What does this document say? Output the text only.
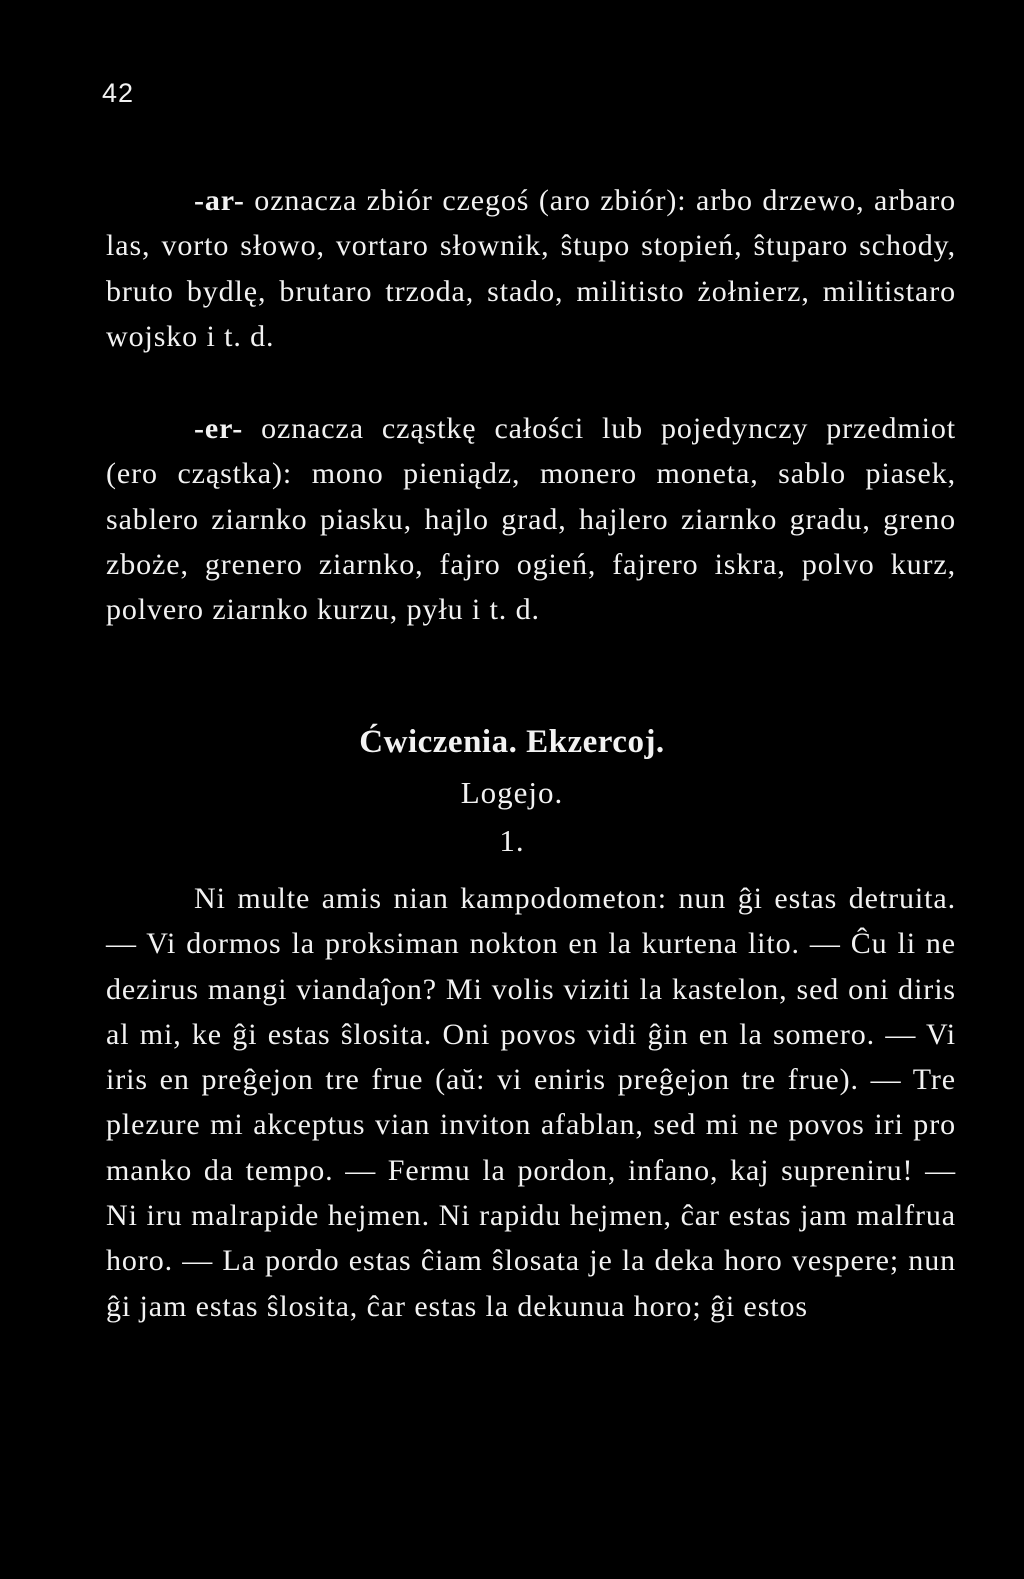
42

-ar- oznacza zbiór czegoś (aro zbiór): arbo drzewo, arbaro las, vorto słowo, vortaro słownik, ŝtupo stopień, ŝtuparo schody, bruto bydlę, brutaro trzoda, stado, militisto żołnierz, militistaro wojsko i t. d.

-er- oznacza cząstkę całości lub pojedynczy przedmiot (ero cząstka): mono pieniądz, monero moneta, sablo piasek, sablero ziarnko piasku, hajlo grad, hajlero ziarnko gradu, greno zboże, grenero ziarnko, fajro ogień, fajrero iskra, polvo kurz, polvero ziarnko kurzu, pyłu i t. d.

Ćwiczenia. Ekzercoj.
Logejo.
1.

Ni multe amis nian kampodometon: nun ĝi estas detruita. — Vi dormos la proksiman nokton en la kurtena lito. — Ĉu li ne dezirus mangi viandaĵon? Mi volis viziti la kastelon, sed oni diris al mi, ke ĝi estas ŝlosita. Oni povos vidi ĝin en la somero. — Vi iris en preĝejon tre frue (aŭ: vi eniris preĝejon tre frue). — Tre plezure mi akceptus vian inviton afablan, sed mi ne povos iri pro manko da tempo. — Fermu la pordon, infano, kaj supreniru! — Ni iru malrapide hejmen. Ni rapidu hejmen, ĉar estas jam malfrua horo. — La pordo estas ĉiam ŝlosata je la deka horo vespere; nun ĝi jam estas ŝlosita, ĉar estas la dekunua horo; ĝi estos
